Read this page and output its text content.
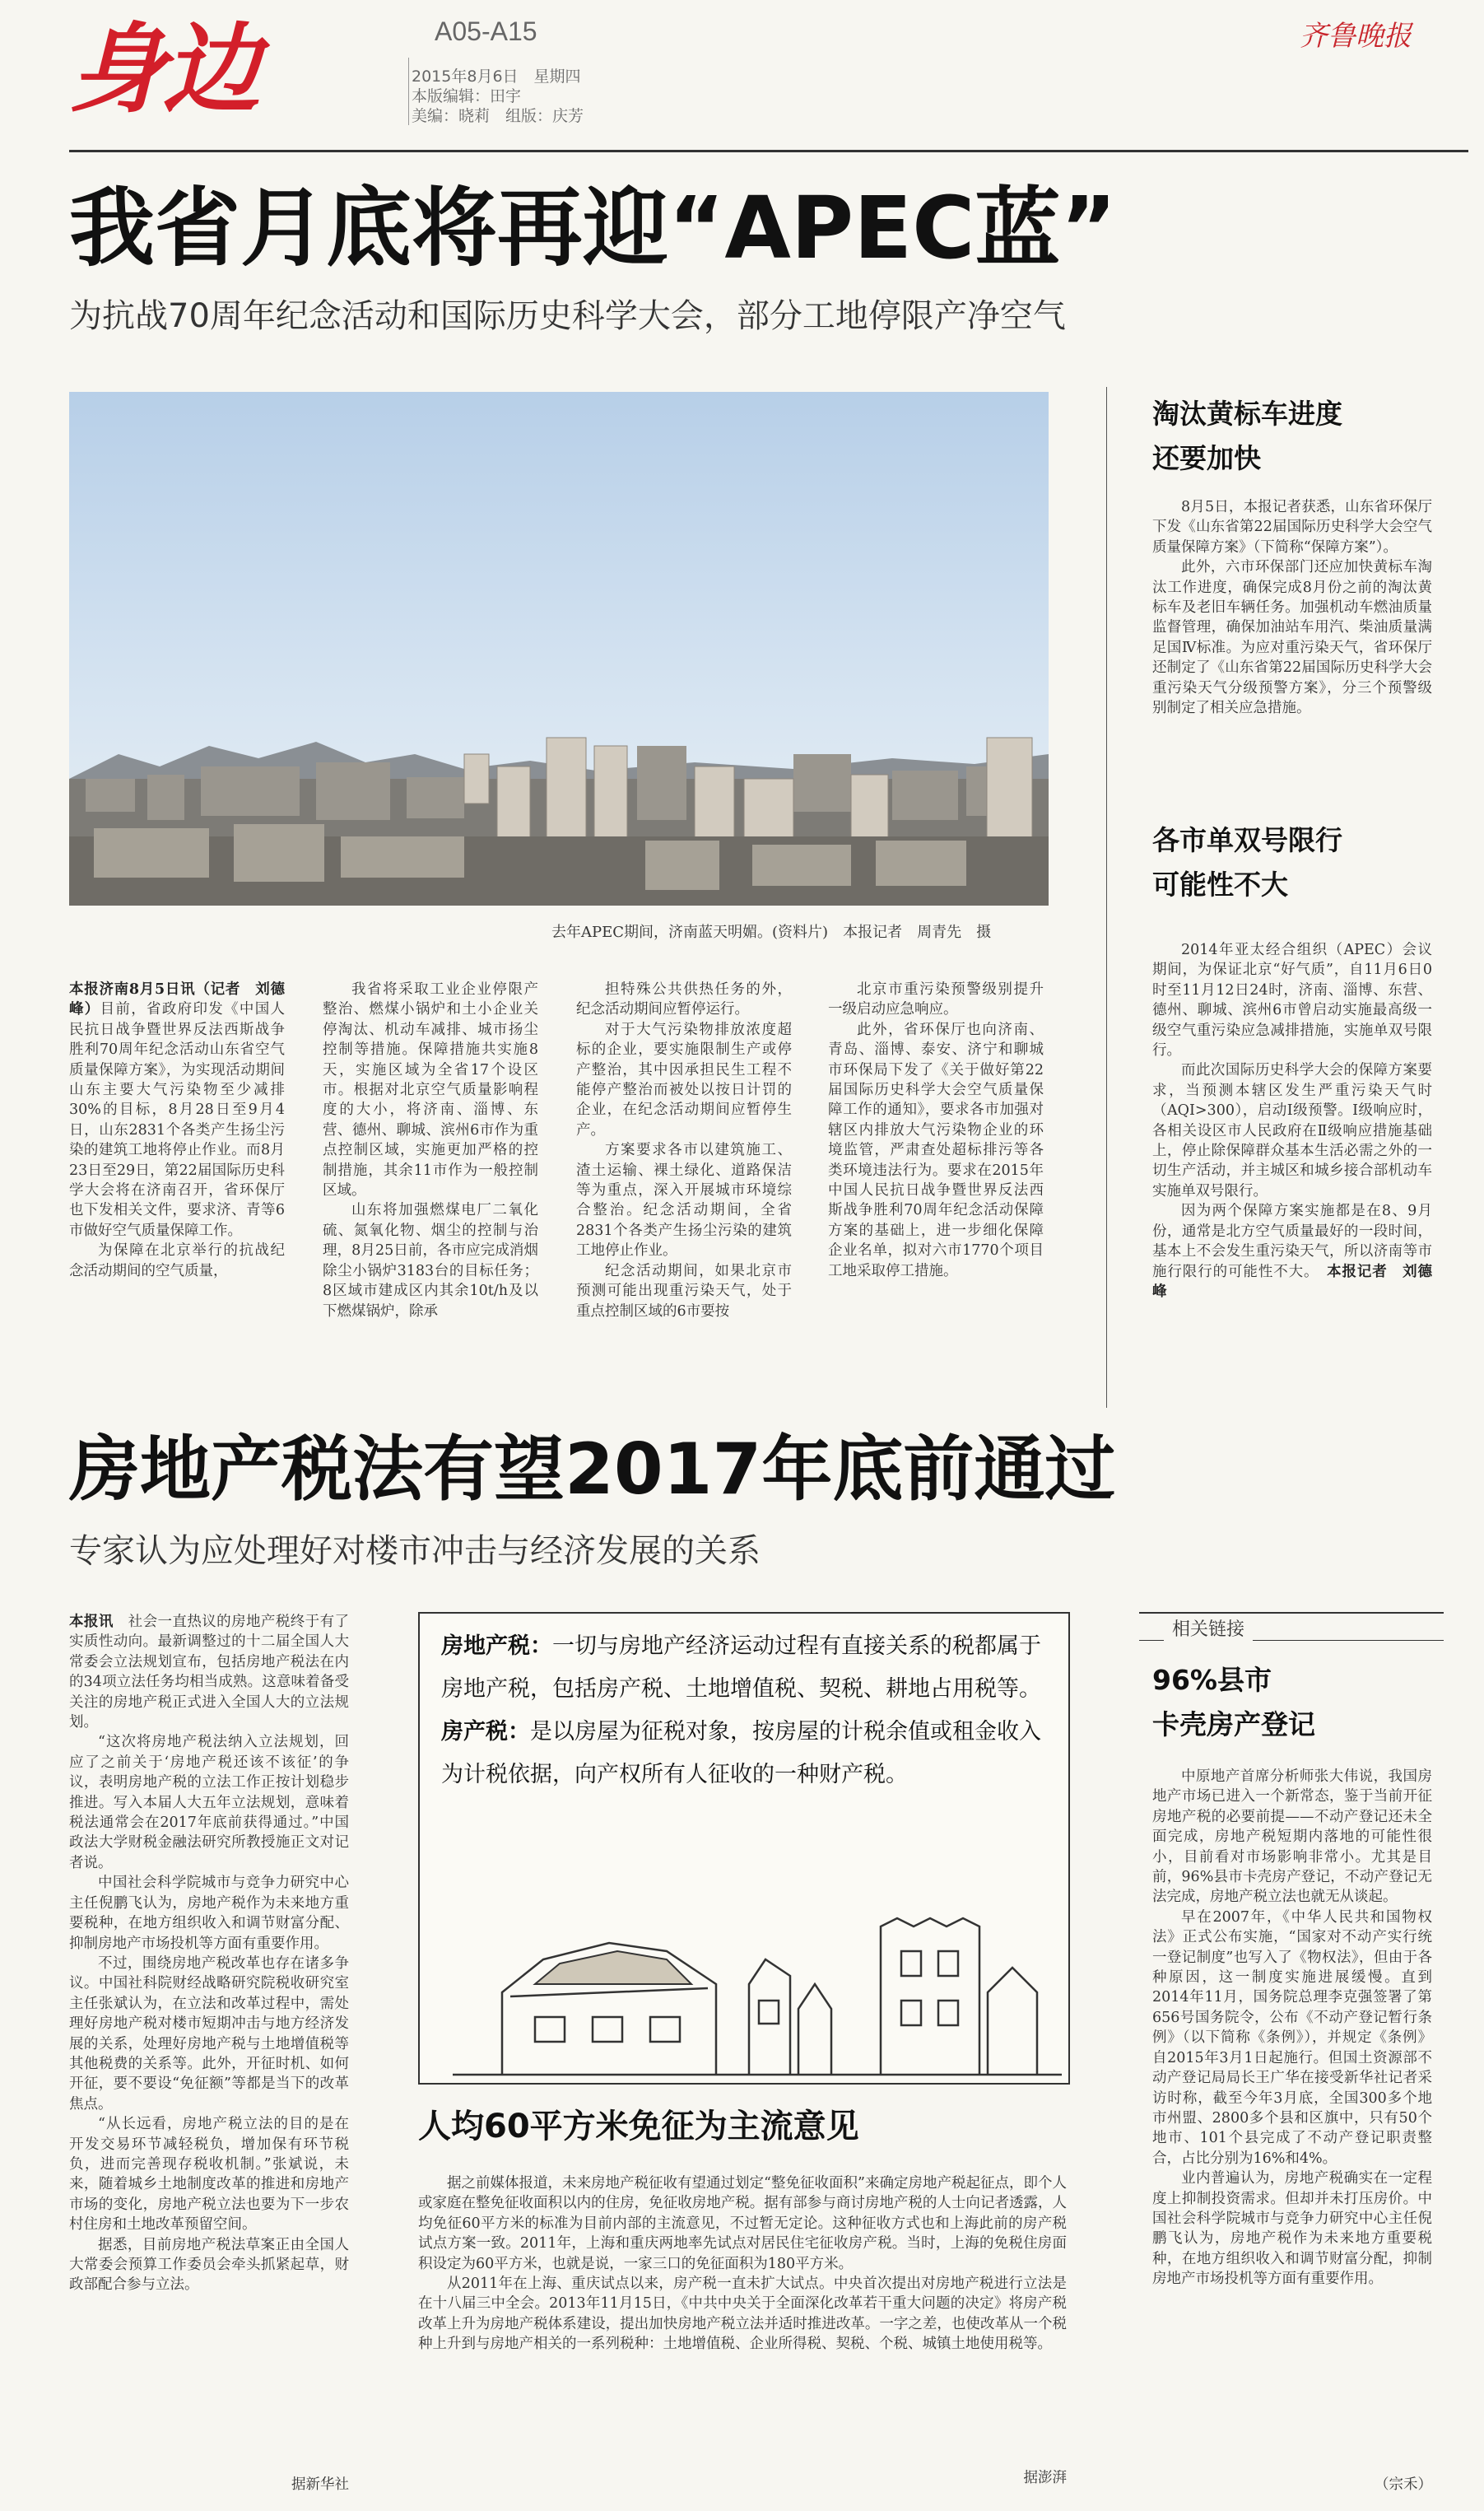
身边	A05-A15
2015年8月6日　星期四
本版编辑：田宇
美编：晓莉　组版：庆芳
齐鲁晚报
我省月底将再迎“APEC蓝”
为抗战70周年纪念活动和国际历史科学大会，部分工地停限产净空气
去年APEC期间，济南蓝天明媚。(资料片)　本报记者　周青先　摄

本报济南8月5日讯（记者　刘德峰）目前，省政府印发《中国人民抗日战争暨世界反法西斯战争胜利70周年纪念活动山东省空气质量保障方案》，为实现活动期间山东主要大气污染物至少减排30%的目标，8月28日至9月4日，山东2831个各类产生扬尘污染的建筑工地将停止作业。而8月23日至29日，第22届国际历史科学大会将在济南召开，省环保厅也下发相关文件，要求济、青等6市做好空气质量保障工作。

为保障在北京举行的抗战纪念活动期间的空气质量，

我省将采取工业企业停限产整治、燃煤小锅炉和土小企业关停淘汰、机动车减排、城市扬尘控制等措施。保障措施共实施8天，实施区域为全省17个设区市。根据对北京空气质量影响程度的大小，将济南、淄博、东营、德州、聊城、滨州6市作为重点控制区域，实施更加严格的控制措施，其余11市作为一般控制区域。

山东将加强燃煤电厂二氧化硫、氮氧化物、烟尘的控制与治理，8月25日前，各市应完成消烟除尘小锅炉3183台的目标任务；8区域市建成区内其余10t/h及以下燃煤锅炉，除承

担特殊公共供热任务的外，纪念活动期间应暂停运行。

对于大气污染物排放浓度超标的企业，要实施限制生产或停产整治，其中因承担民生工程不能停产整治而被处以按日计罚的企业，在纪念活动期间应暂停生产。

方案要求各市以建筑施工、渣土运输、裸土绿化、道路保洁等为重点，深入开展城市环境综合整治。纪念活动期间，全省2831个各类产生扬尘污染的建筑工地停止作业。

纪念活动期间，如果北京市预测可能出现重污染天气，处于重点控制区域的6市要按

北京市重污染预警级别提升一级启动应急响应。

此外，省环保厅也向济南、青岛、淄博、泰安、济宁和聊城市环保局下发了《关于做好第22届国际历史科学大会空气质量保障工作的通知》，要求各市加强对辖区内排放大气污染物企业的环境监管，严肃查处超标排污等各类环境违法行为。要求在2015年中国人民抗日战争暨世界反法西斯战争胜利70周年纪念活动保障方案的基础上，进一步细化保障企业名单，拟对六市1770个项目工地采取停工措施。

淘汰黄标车进度
还要加快

8月5日，本报记者获悉，山东省环保厅下发《山东省第22届国际历史科学大会空气质量保障方案》（下简称“保障方案”）。

此外，六市环保部门还应加快黄标车淘汰工作进度，确保完成8月份之前的淘汰黄标车及老旧车辆任务。加强机动车燃油质量监督管理，确保加油站车用汽、柴油质量满足国Ⅳ标准。为应对重污染天气，省环保厅还制定了《山东省第22届国际历史科学大会重污染天气分级预警方案》，分三个预警级别制定了相关应急措施。

各市单双号限行
可能性不大

2014年亚太经合组织（APEC）会议期间，为保证北京“好气质”，自11月6日0时至11月12日24时，济南、淄博、东营、德州、聊城、滨州6市曾启动实施最高级一级空气重污染应急减排措施，实施单双号限行。

而此次国际历史科学大会的保障方案要求，当预测本辖区发生严重污染天气时（AQI>300），启动I级预警。I级响应时，各相关设区市人民政府在Ⅱ级响应措施基础上，停止除保障群众基本生活必需之外的一切生产活动，并主城区和城乡接合部机动车实施单双号限行。

因为两个保障方案实施都是在8、9月份，通常是北方空气质量最好的一段时间，基本上不会发生重污染天气，所以济南等市施行限行的可能性不大。　 本报记者　刘德峰

房地产税法有望2017年底前通过
专家认为应处理好对楼市冲击与经济发展的关系

本报讯　 社会一直热议的房地产税终于有了实质性动向。最新调整过的十二届全国人大常委会立法规划宣布，包括房地产税法在内的34项立法任务均相当成熟。这意味着备受关注的房地产税正式进入全国人大的立法规划。

“这次将房地产税法纳入立法规划，回应了之前关于‘房地产税还该不该征’的争议，表明房地产税的立法工作正按计划稳步推进。写入本届人大五年立法规划，意味着税法通常会在2017年底前获得通过。”中国政法大学财税金融法研究所教授施正文对记者说。

中国社会科学院城市与竞争力研究中心主任倪鹏飞认为，房地产税作为未来地方重要税种，在地方组织收入和调节财富分配、抑制房地产市场投机等方面有重要作用。

不过，围绕房地产税改革也存在诸多争议。中国社科院财经战略研究院税收研究室主任张斌认为，在立法和改革过程中，需处理好房地产税对楼市短期冲击与地方经济发展的关系，处理好房地产税与土地增值税等其他税费的关系等。此外，开征时机、如何开征，要不要设“免征额”等都是当下的改革焦点。

“从长远看，房地产税立法的目的是在开发交易环节减轻税负，增加保有环节税负，进而完善现存税收机制。”张斌说，未来，随着城乡土地制度改革的推进和房地产市场的变化，房地产税立法也要为下一步农村住房和土地改革预留空间。

据悉，目前房地产税法草案正由全国人大常委会预算工作委员会牵头抓紧起草，财政部配合参与立法。

据新华社
房地产税：一切与房地产经济运动过程有直接关系的税都属于房地产税，包括房产税、土地增值税、契税、耕地占用税等。
房产税：是以房屋为征税对象，按房屋的计税余值或租金收入为计税依据，向产权所有人征收的一种财产税。
人均60平方米免征为主流意见

据之前媒体报道，未来房地产税征收有望通过划定“整免征收面积”来确定房地产税起征点，即个人或家庭在整免征收面积以内的住房，免征收房地产税。据有部参与商讨房地产税的人士向记者透露，人均免征60平方米的标准为目前内部的主流意见，不过暂无定论。这种征收方式也和上海此前的房产税试点方案一致。2011年，上海和重庆两地率先试点对居民住宅征收房产税。当时，上海的免税住房面积设定为60平方米，也就是说，一家三口的免征面积为180平方米。

从2011年在上海、重庆试点以来，房产税一直未扩大试点。中央首次提出对房地产税进行立法是在十八届三中全会。2013年11月15日，《中共中央关于全面深化改革若干重大问题的决定》将房产税改革上升为房地产税体系建设，提出加快房地产税立法并适时推进改革。一字之差，也使改革从一个税种上升到与房地产相关的一系列税种：土地增值税、企业所得税、契税、个税、城镇土地使用税等。

据澎湃
相关链接
96%县市
卡壳房产登记

中原地产首席分析师张大伟说，我国房地产市场已进入一个新常态，鉴于当前开征房地产税的必要前提——不动产登记还未全面完成，房地产税短期内落地的可能性很小，目前看对市场影响非常小。尤其是目前，96%县市卡壳房产登记，不动产登记无法完成，房地产税立法也就无从谈起。

早在2007年，《中华人民共和国物权法》正式公布实施，“国家对不动产实行统一登记制度”也写入了《物权法》，但由于各种原因，这一制度实施进展缓慢。直到2014年11月，国务院总理李克强签署了第656号国务院令，公布《不动产登记暂行条例》（以下简称《条例》），并规定《条例》自2015年3月1日起施行。但国土资源部不动产登记局局长王广华在接受新华社记者采访时称，截至今年3月底，全国300多个地市州盟、2800多个县和区旗中，只有50个地市、101个县完成了不动产登记职责整合，占比分别为16%和4%。

业内普遍认为，房地产税确实在一定程度上抑制投资需求。但却并未打压房价。中国社会科学院城市与竞争力研究中心主任倪鹏飞认为，房地产税作为未来地方重要税种，在地方组织收入和调节财富分配，抑制房地产市场投机等方面有重要作用。

（宗禾）
